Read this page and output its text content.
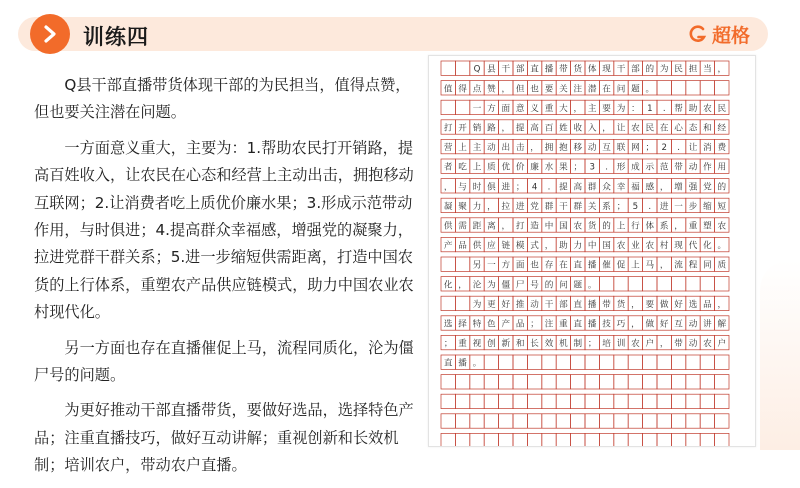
训练四	超格

Q县干部直播带货体现干部的为民担当，值得点赞，但也要关注潜在问题。

一方面意义重大，主要为：1.帮助农民打开销路，提高百姓收入，让农民在心态和经营上主动出击，拥抱移动互联网；2.让消费者吃上质优价廉水果；3.形成示范带动作用，与时俱进；4.提高群众幸福感，增强党的凝聚力，拉进党群干群关系；5.进一步缩短供需距离，打造中国农货的上行体系，重塑农产品供应链模式，助力中国农业农村现代化。

另一方面也存在直播催促上马，流程同质化，沦为僵尸号的问题。

为更好推动干部直播带货，要做好选品，选择特色产品；注重直播技巧，做好互动讲解；重视创新和长效机制；培训农户，带动农户直播。

Q 县 干 部 直 播 带 货 体 现 干 部 的 为 民 担 当 ，
值 得 点 赞 ， 但 也 要 关 注 潜 在 问 题 。
一 方 面 意 义 重 大 ， 主 要 为 ： 1 . 帮 助 农 民
打 开 销 路 ， 提 高 百 姓 收 入 ， 让 农 民 在 心 态 和 经
营 上 主 动 出 击 ， 拥 抱 移 动 互 联 网 ； 2 . 让 消 费
者 吃 上 质 优 价 廉 水 果 ； 3 . 形 成 示 范 带 动 作 用
， 与 时 俱 进 ； 4 . 提 高 群 众 幸 福 感 ， 增 强 党 的
凝 聚 力 ， 拉 进 党 群 干 群 关 系 ； 5 . 进 一 步 缩 短
供 需 距 离 ， 打 造 中 国 农 货 的 上 行 体 系 ， 重 塑 农
产 品 供 应 链 模 式 ， 助 力 中 国 农 业 农 村 现 代 化 。
另 一 方 面 也 存 在 直 播 催 促 上 马 ， 流 程 同 质
化 ， 沦 为 僵 尸 号 的 问 题 。
为 更 好 推 动 干 部 直 播 带 货 ， 要 做 好 选 品 ，
选 择 特 色 产 品 ； 注 重 直 播 技 巧 ， 做 好 互 动 讲 解
； 重 视 创 新 和 长 效 机 制 ； 培 训 农 户 ， 带 动 农 户
直 播 。
